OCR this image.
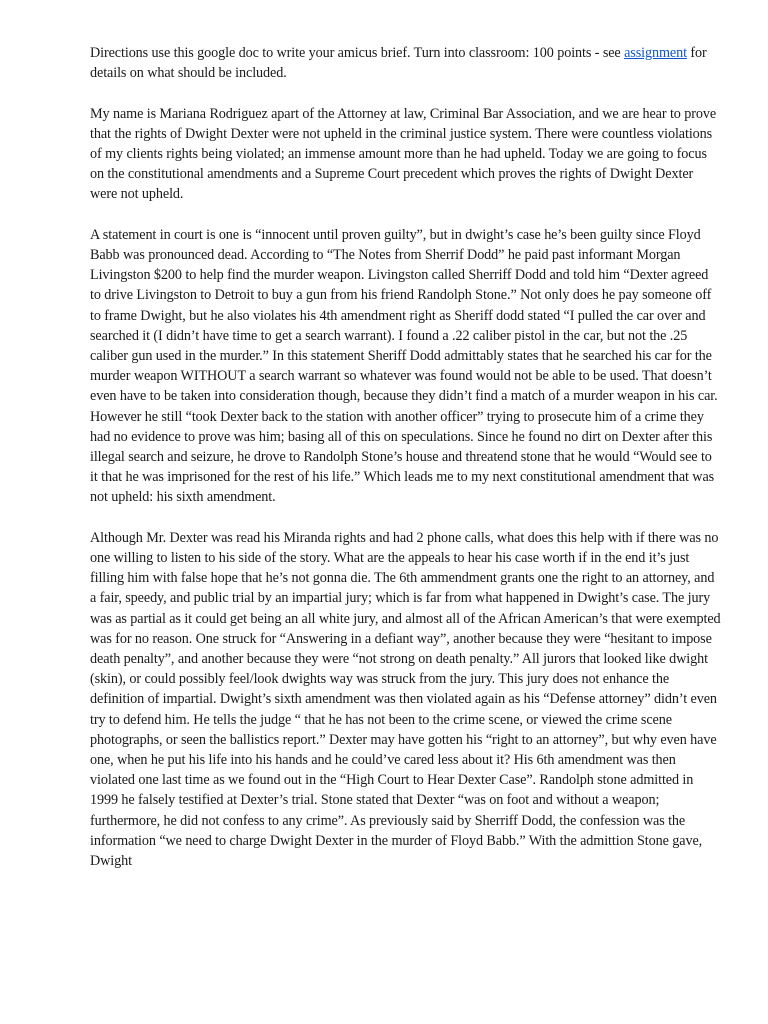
Directions use this google doc to write your amicus brief. Turn into classroom: 100 points - see assignment for details on what should be included.

My name is Mariana Rodriguez apart of the Attorney at law, Criminal Bar Association, and we are hear to prove that the rights of Dwight Dexter were not upheld in the criminal justice system. There were countless violations of my clients rights being violated; an immense amount more than he had upheld. Today we are going to focus on the constitutional amendments and a Supreme Court precedent which proves the rights of Dwight Dexter were not upheld.

A statement in court is one is “innocent until proven guilty”, but in dwight’s case he’s been guilty since Floyd Babb was pronounced dead. According to “The Notes from Sherrif Dodd” he paid past informant Morgan Livingston $200 to help find the murder weapon. Livingston called Sherriff Dodd and told him “Dexter agreed to drive Livingston to Detroit to buy a gun from his friend Randolph Stone.” Not only does he pay someone off to frame Dwight, but he also violates his 4th amendment right as Sheriff dodd stated “I pulled the car over and searched it (I didn’t have time to get a search warrant). I found a .22 caliber pistol in the car, but not the .25 caliber gun used in the murder.” In this statement Sheriff Dodd admittably states that he searched his car for the murder weapon WITHOUT a search warrant so whatever was found would not be able to be used. That doesn’t even have to be taken into consideration though, because they didn’t find a match of a murder weapon in his car. However he still “took Dexter back to the station with another officer” trying to prosecute him of a crime they had no evidence to prove was him; basing all of this on speculations. Since he found no dirt on Dexter after this illegal search and seizure, he drove to Randolph Stone’s house and threatend stone that he would “Would see to it that he was imprisoned for the rest of his life.” Which leads me to my next constitutional amendment that was not upheld: his sixth amendment.

Although Mr. Dexter was read his Miranda rights and had 2 phone calls, what does this help with if there was no one willing to listen to his side of the story. What are the appeals to hear his case worth if in the end it’s just filling him with false hope that he’s not gonna die. The 6th ammendment grants one the right to an attorney, and a fair, speedy, and public trial by an impartial jury; which is far from what happened in Dwight’s case. The jury was as partial as it could get being an all white jury, and almost all of the African American’s that were exempted was for no reason. One struck for “Answering in a defiant way”, another because they were “hesitant to impose death penalty”, and another because they were “not strong on death penalty.” All jurors that looked like dwight (skin), or could possibly feel/look dwights way was struck from the jury. This jury does not enhance the definition of impartial. Dwight’s sixth amendment was then violated again as his “Defense attorney” didn’t even try to defend him. He tells the judge “ that he has not been to the crime scene, or viewed the crime scene photographs, or seen the ballistics report.” Dexter may have gotten his “right to an attorney”, but why even have one, when he put his life into his hands and he could’ve cared less about it? His 6th amendment was then violated one last time as we found out in the “High Court to Hear Dexter Case”. Randolph stone admitted in 1999 he falsely testified at Dexter’s trial. Stone stated that Dexter “was on foot and without a weapon; furthermore, he did not confess to any crime”. As previously said by Sherriff Dodd, the confession was the information “we need to charge Dwight Dexter in the murder of Floyd Babb.” With the admittion Stone gave, Dwight
